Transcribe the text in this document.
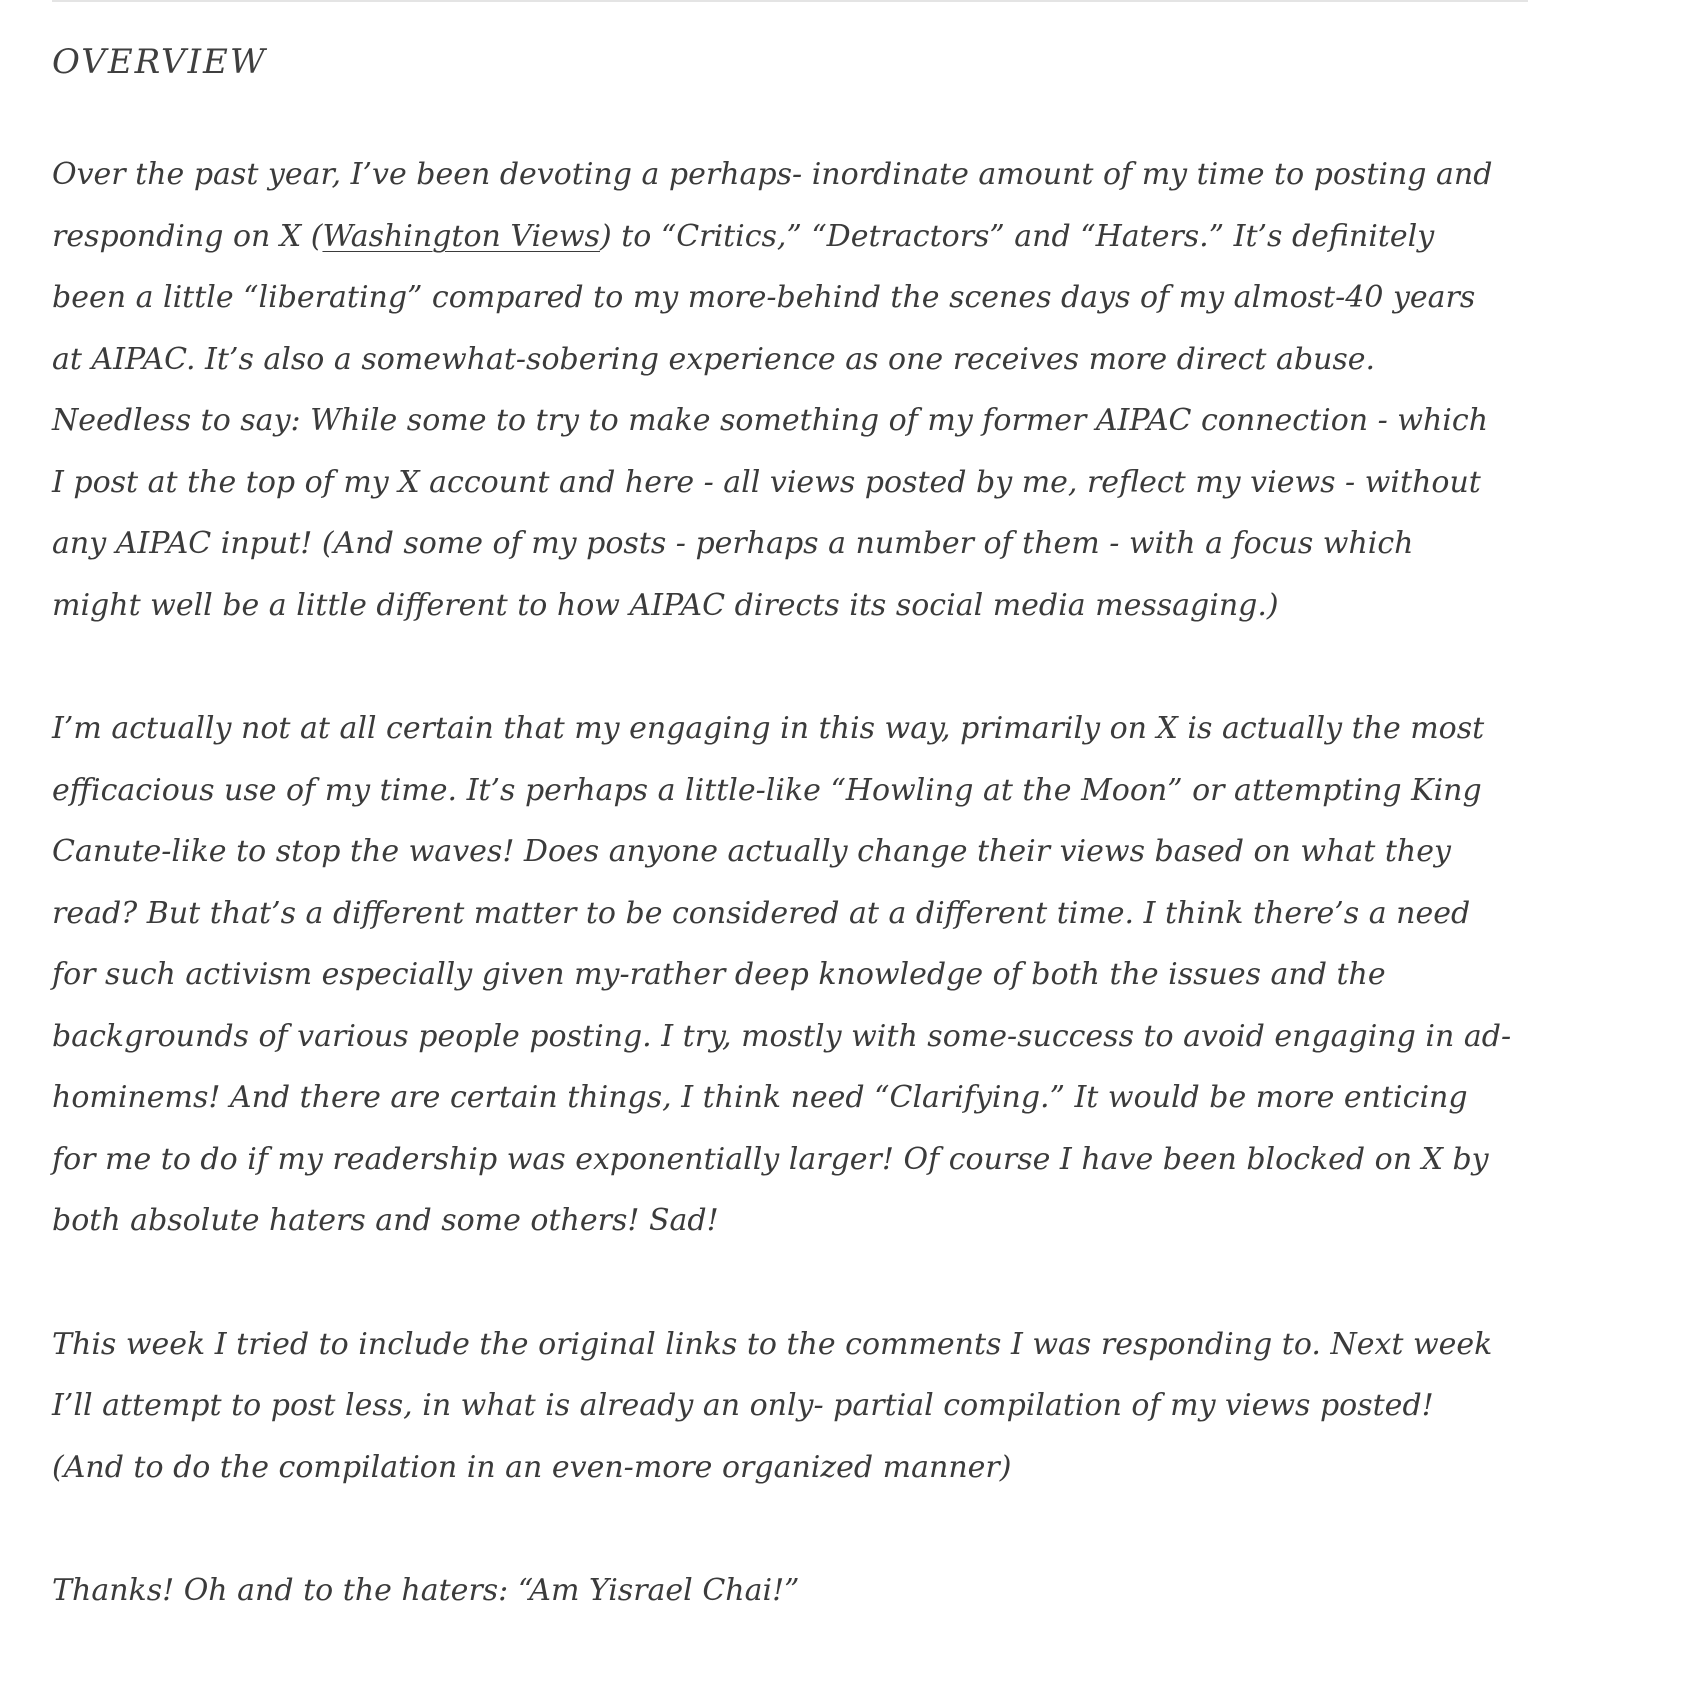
OVERVIEW

Over the past year, I’ve been devoting a perhaps- inordinate amount of my time to posting and
responding on X (Washington Views) to “Critics,” “Detractors” and “Haters.” It’s definitely
been a little “liberating” compared to my more-behind the scenes days of my almost-40 years
at AIPAC. It’s also a somewhat-sobering experience as one receives more direct abuse.
Needless to say: While some to try to make something of my former AIPAC connection - which
I post at the top of my X account and here - all views posted by me, reflect my views - without
any AIPAC input! (And some of my posts - perhaps a number of them - with a focus which
might well be a little different to how AIPAC directs its social media messaging.)

I’m actually not at all certain that my engaging in this way, primarily on X is actually the most
efficacious use of my time. It’s perhaps a little-like “Howling at the Moon” or attempting King
Canute-like to stop the waves! Does anyone actually change their views based on what they
read? But that’s a different matter to be considered at a different time. I think there’s a need
for such activism especially given my-rather deep knowledge of both the issues and the
backgrounds of various people posting. I try, mostly with some-success to avoid engaging in ad-
hominems! And there are certain things, I think need “Clarifying.” It would be more enticing
for me to do if my readership was exponentially larger! Of course I have been blocked on X by
both absolute haters and some others! Sad!

This week I tried to include the original links to the comments I was responding to. Next week
I’ll attempt to post less, in what is already an only- partial compilation of my views posted!
(And to do the compilation in an even-more organized manner)

Thanks! Oh and to the haters: “Am Yisrael Chai!”
